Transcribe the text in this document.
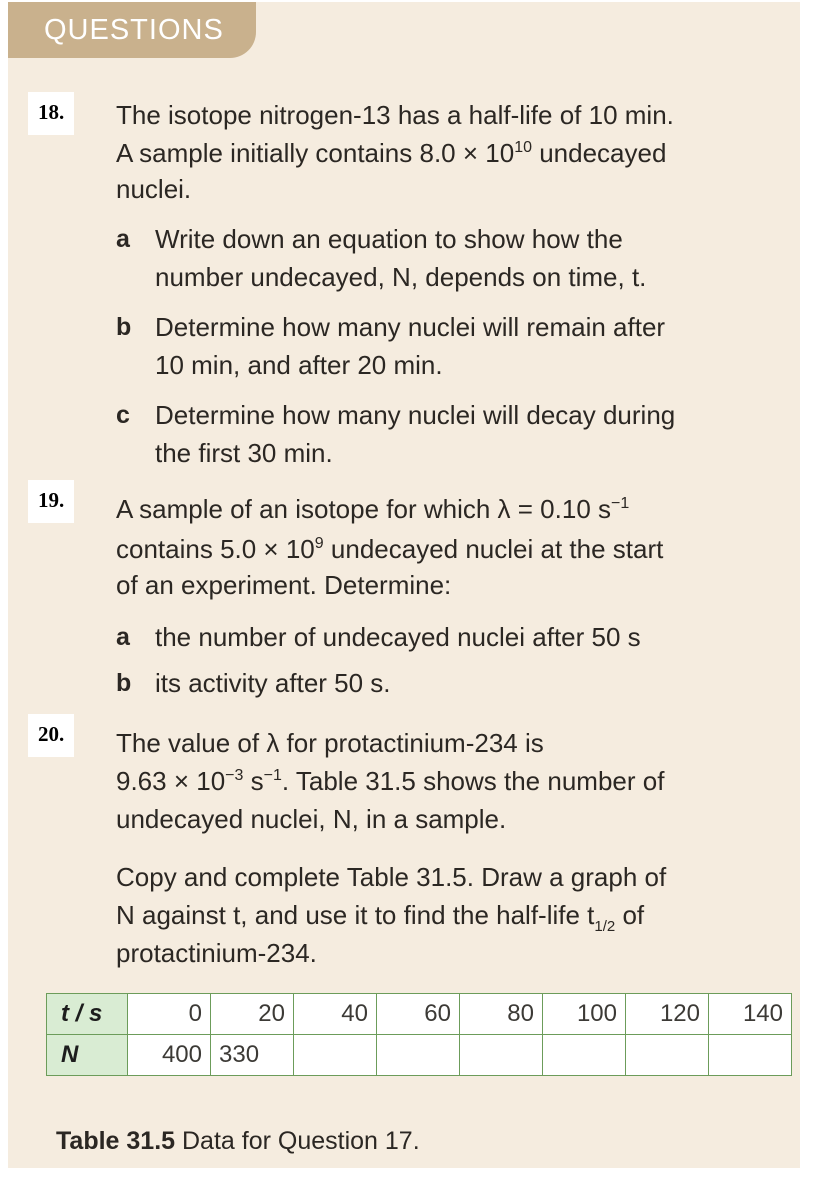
QUESTIONS
18.	The isotope nitrogen-13 has a half-life of 10 min.
A sample initially contains $8.0 \times 10^{10}$ undecayed
nuclei.
a Write down an equation to show how the
number undecayed, N, depends on time, t.
b Determine how many nuclei will remain after
10 min, and after 20 min.
c Determine how many nuclei will decay during
the first 30 min.
19.	A sample of an isotope for which λ = 0.10 $s^{-1}$
contains $5.0 \times 10^9$ undecayed nuclei at the start
of an experiment. Determine:
a the number of undecayed nuclei after 50 s
b its activity after 50 s.
20.	The value of λ for protactinium-234 is
$9.63 \times 10^{-3}$ $s^{-1}$. Table 31.5 shows the number of
undecayed nuclei, N, in a sample.
Copy and complete Table 31.5. Draw a graph of
N against t, and use it to find the half-life $t_{1/2}$ of
protactinium-234.
t / s	0	20	40	60	80	100	120	140
N	400	330						
Table 31.5 Data for Question 17.
